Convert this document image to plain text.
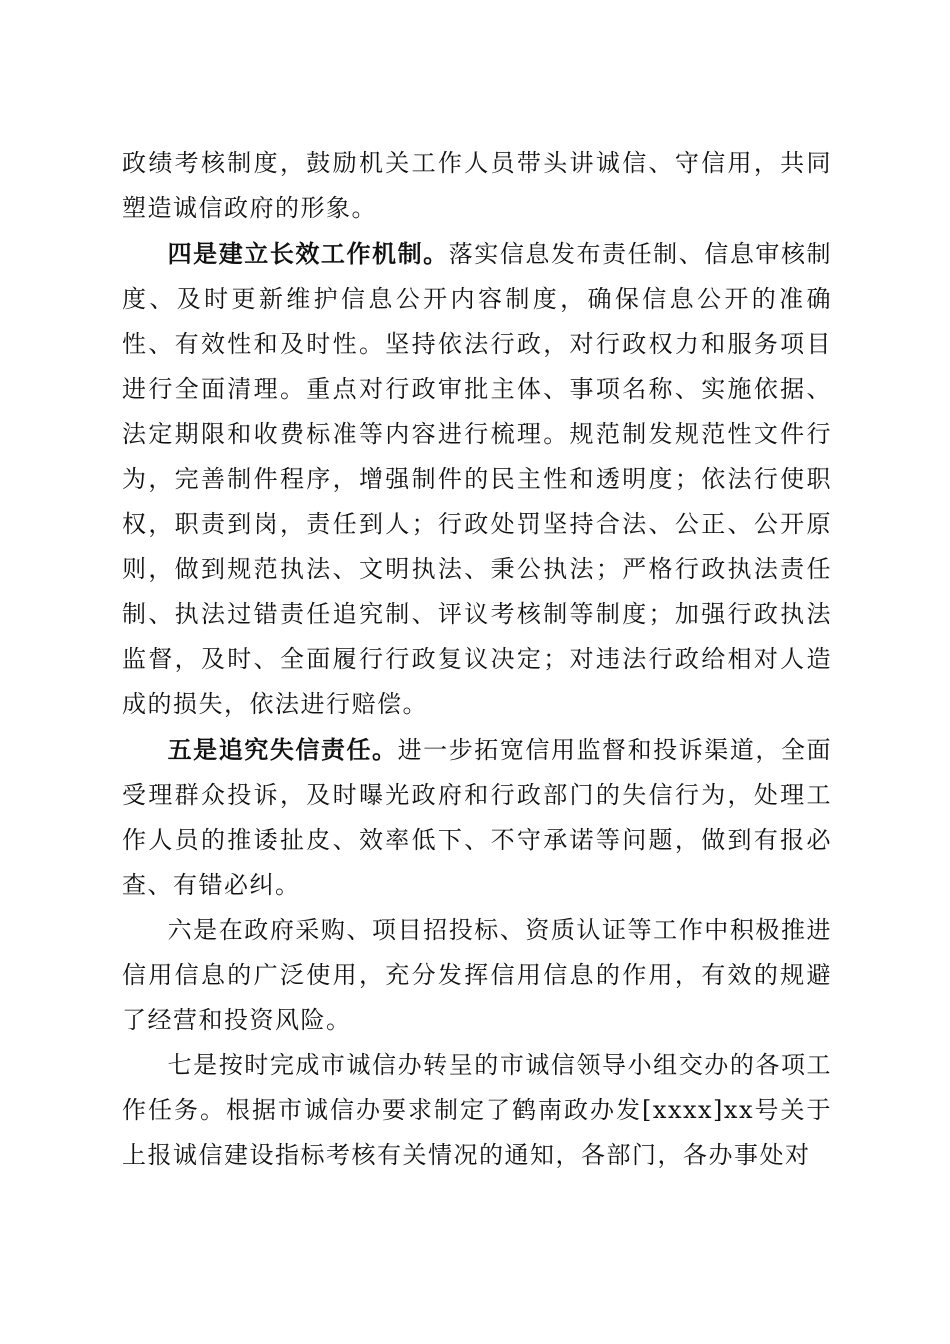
政绩考核制度，鼓励机关工作人员带头讲诚信、守信用，共同塑造诚信政府的形象。

四是建立长效工作机制。落实信息发布责任制、信息审核制度、及时更新维护信息公开内容制度，确保信息公开的准确性、有效性和及时性。坚持依法行政，对行政权力和服务项目进行全面清理。重点对行政审批主体、事项名称、实施依据、法定期限和收费标准等内容进行梳理。规范制发规范性文件行为，完善制件程序，增强制件的民主性和透明度；依法行使职权，职责到岗，责任到人；行政处罚坚持合法、公正、公开原则，做到规范执法、文明执法、秉公执法；严格行政执法责任制、执法过错责任追究制、评议考核制等制度；加强行政执法监督，及时、全面履行行政复议决定；对违法行政给相对人造成的损失，依法进行赔偿。

五是追究失信责任。进一步拓宽信用监督和投诉渠道，全面受理群众投诉，及时曝光政府和行政部门的失信行为，处理工作人员的推诿扯皮、效率低下、不守承诺等问题，做到有报必查、有错必纠。

六是在政府采购、项目招投标、资质认证等工作中积极推进信用信息的广泛使用，充分发挥信用信息的作用，有效的规避了经营和投资风险。

七是按时完成市诚信办转呈的市诚信领导小组交办的各项工作任务。根据市诚信办要求制定了鹤南政办发[xxxx]xx号关于上报诚信建设指标考核有关情况的通知，各部门，各办事处对
